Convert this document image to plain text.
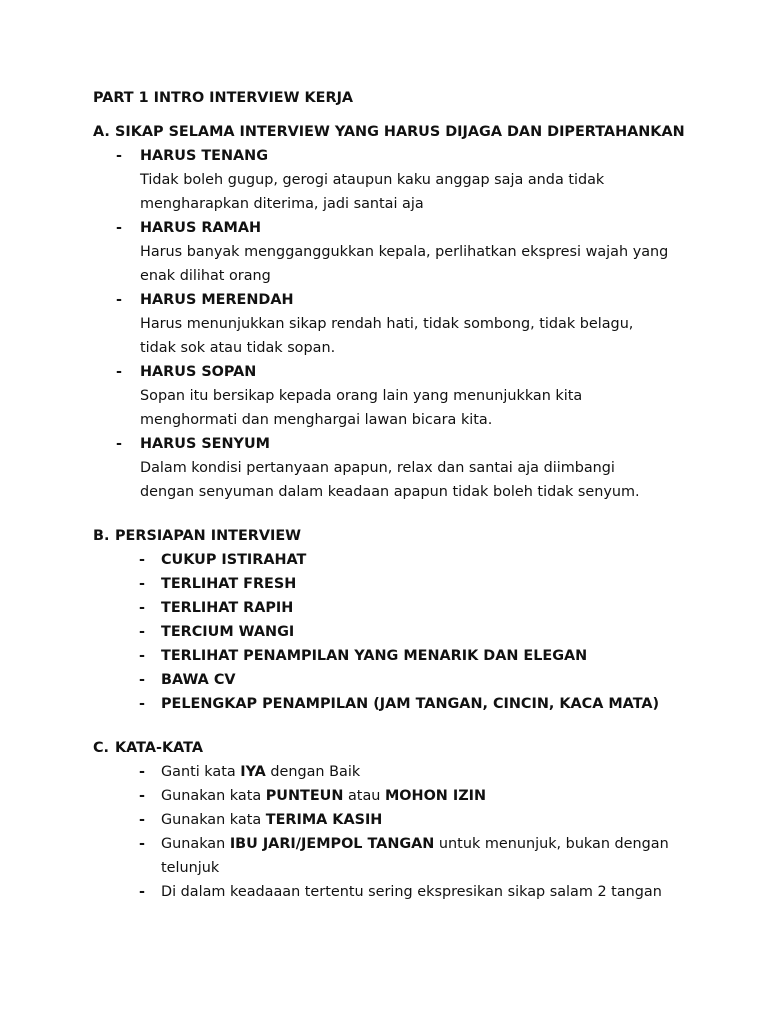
PART 1 INTRO INTERVIEW KERJA
A. SIKAP SELAMA INTERVIEW YANG HARUS DIJAGA DAN DIPERTAHANKAN
-	HARUS TENANG
Tidak boleh gugup, gerogi ataupun kaku anggap saja anda tidak
mengharapkan diterima, jadi santai aja
-	HARUS RAMAH
Harus banyak mengganggukkan kepala, perlihatkan ekspresi wajah yang
enak dilihat orang
-	HARUS MERENDAH
Harus menunjukkan sikap rendah hati, tidak sombong, tidak belagu,
tidak sok atau tidak sopan.
-	HARUS SOPAN
Sopan itu bersikap kepada orang lain yang menunjukkan kita
menghormati dan menghargai lawan bicara kita.
-	HARUS SENYUM
Dalam kondisi pertanyaan apapun, relax dan santai aja diimbangi
dengan senyuman dalam keadaan apapun tidak boleh tidak senyum.
B. PERSIAPAN INTERVIEW
-	CUKUP ISTIRAHAT
-	TERLIHAT FRESH
-	TERLIHAT RAPIH
-	TERCIUM WANGI
-	TERLIHAT PENAMPILAN YANG MENARIK DAN ELEGAN
-	BAWA CV
-	PELENGKAP PENAMPILAN (JAM TANGAN, CINCIN, KACA MATA)
C. KATA-KATA
-	Ganti kata IYA dengan Baik
-	Gunakan kata PUNTEUN atau MOHON IZIN
-	Gunakan kata TERIMA KASIH
-	Gunakan IBU JARI/JEMPOL TANGAN untuk menunjuk, bukan dengan
telunjuk
-	Di dalam keadaaan tertentu sering ekspresikan sikap salam 2 tangan
